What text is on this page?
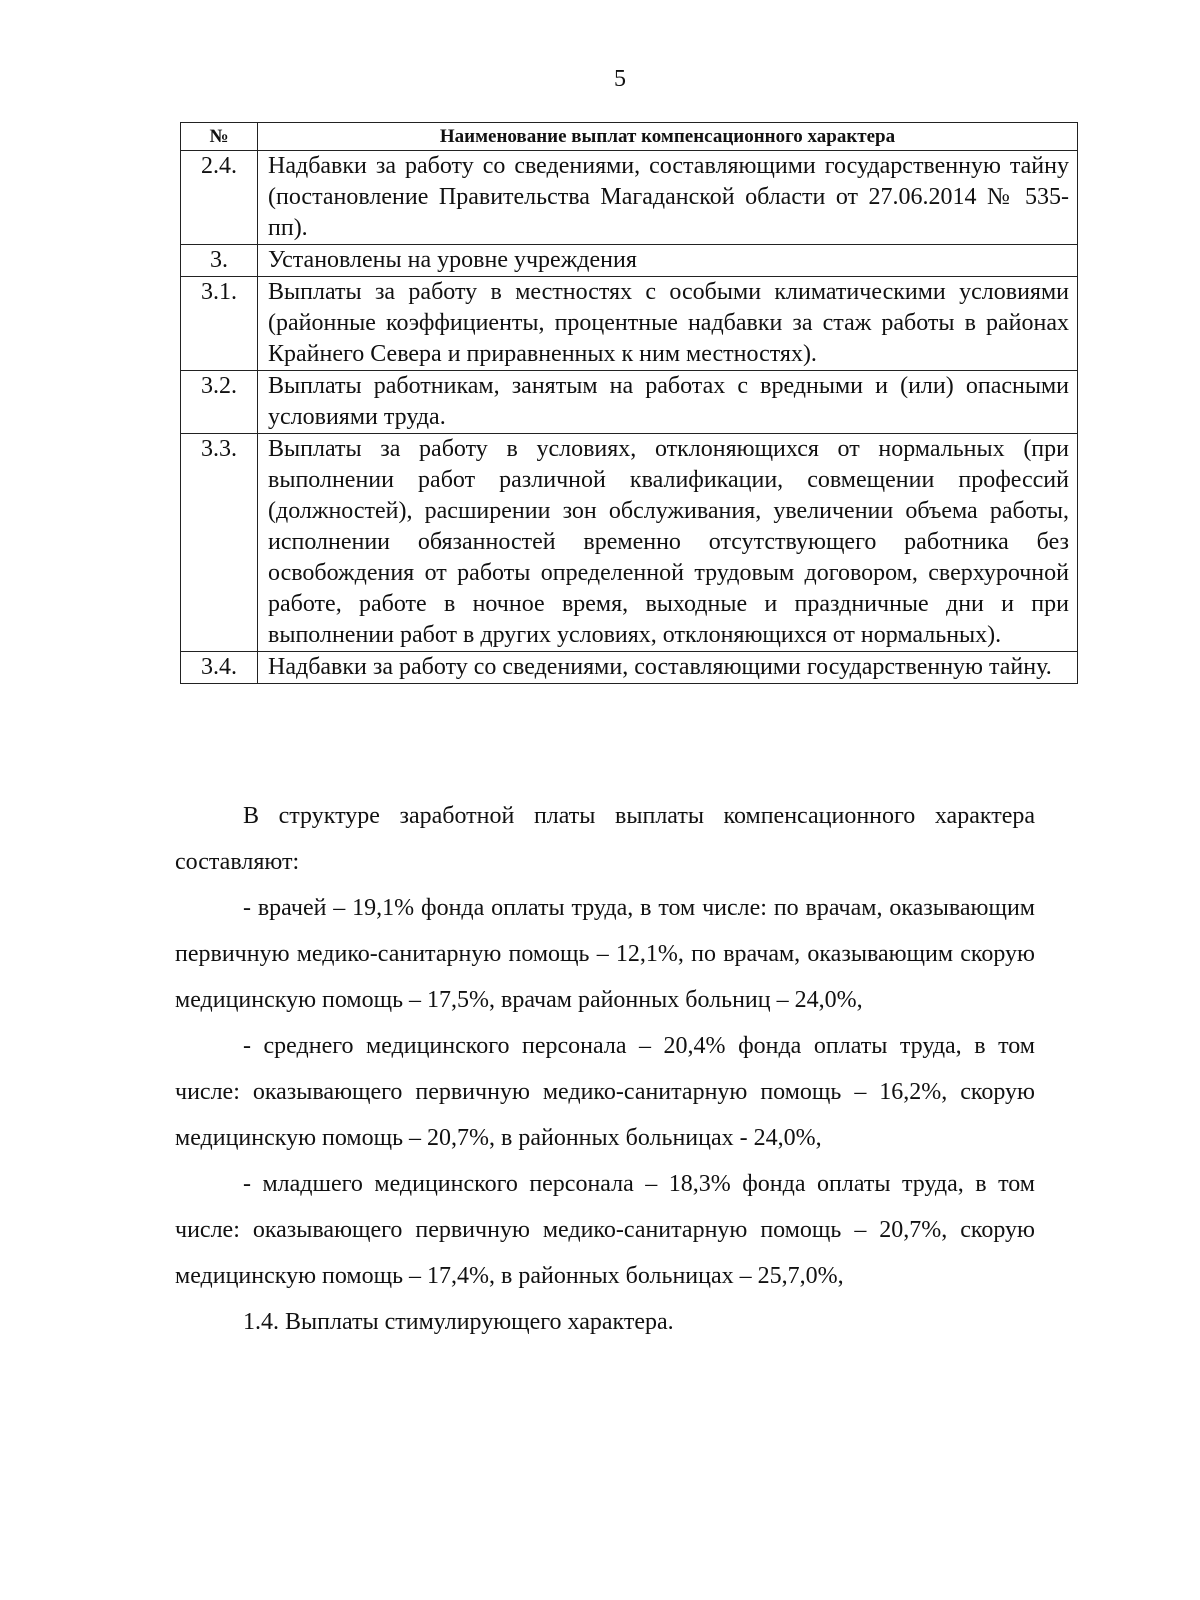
5
№	Наименование выплат компенсационного характера
2.4.	Надбавки за работу со сведениями, составляющими государственную тайну (постановление Правительства Магаданской области от 27.06.2014 № 535-пп).
3.	Установлены на уровне учреждения
3.1.	Выплаты за работу в местностях с особыми климатическими условиями (районные коэффициенты, процентные надбавки за стаж работы в районах Крайнего Севера и приравненных к ним местностях).
3.2.	Выплаты работникам, занятым на работах с вредными и (или) опасными условиями труда.
3.3.	Выплаты за работу в условиях, отклоняющихся от нормальных (при выполнении работ различной квалификации, совмещении профессий (должностей), расширении зон обслуживания, увеличении объема работы, исполнении обязанностей временно отсутствующего работника без освобождения от работы определенной трудовым договором, сверхурочной работе, работе в ночное время, выходные и праздничные дни и при выполнении работ в других условиях, отклоняющихся от нормальных).
3.4.	Надбавки за работу со сведениями, составляющими государственную тайну.

В структуре заработной платы выплаты компенсационного характера составляют:

- врачей – 19,1% фонда оплаты труда, в том числе: по врачам, оказывающим первичную медико-санитарную помощь – 12,1%, по врачам, оказывающим скорую медицинскую помощь – 17,5%, врачам районных больниц – 24,0%,

- среднего медицинского персонала – 20,4% фонда оплаты труда, в том числе: оказывающего первичную медико-санитарную помощь – 16,2%, скорую медицинскую помощь – 20,7%, в районных больницах - 24,0%,

- младшего медицинского персонала – 18,3% фонда оплаты труда, в том числе: оказывающего первичную медико-санитарную помощь – 20,7%, скорую медицинскую помощь – 17,4%, в районных больницах – 25,7,0%,

1.4. Выплаты стимулирующего характера.
